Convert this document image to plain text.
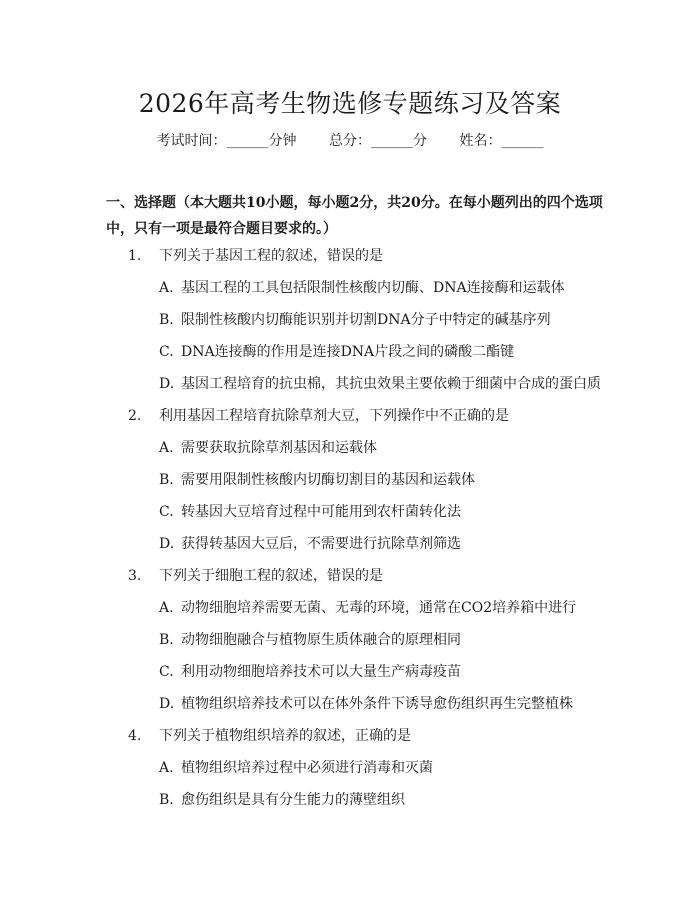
2026年高考生物选修专题练习及答案
考试时间：______分钟 总分：______分 姓名：______

一、选择题（本大题共10小题，每小题2分，共20分。在每小题列出的四个选项中，只有一项是最符合题目要求的。）

1. 下列关于基因工程的叙述，错误的是
A. 基因工程的工具包括限制性核酸内切酶、DNA连接酶和运载体
B. 限制性核酸内切酶能识别并切割DNA分子中特定的碱基序列
C. DNA连接酶的作用是连接DNA片段之间的磷酸二酯键
D. 基因工程培育的抗虫棉，其抗虫效果主要依赖于细菌中合成的蛋白质
2. 利用基因工程培育抗除草剂大豆，下列操作中不正确的是
A. 需要获取抗除草剂基因和运载体
B. 需要用限制性核酸内切酶切割目的基因和运载体
C. 转基因大豆培育过程中可能用到农杆菌转化法
D. 获得转基因大豆后，不需要进行抗除草剂筛选
3. 下列关于细胞工程的叙述，错误的是
A. 动物细胞培养需要无菌、无毒的环境，通常在CO2培养箱中进行
B. 动物细胞融合与植物原生质体融合的原理相同
C. 利用动物细胞培养技术可以大量生产病毒疫苗
D. 植物组织培养技术可以在体外条件下诱导愈伤组织再生完整植株
4. 下列关于植物组织培养的叙述，正确的是
A. 植物组织培养过程中必须进行消毒和灭菌
B. 愈伤组织是具有分生能力的薄壁组织
